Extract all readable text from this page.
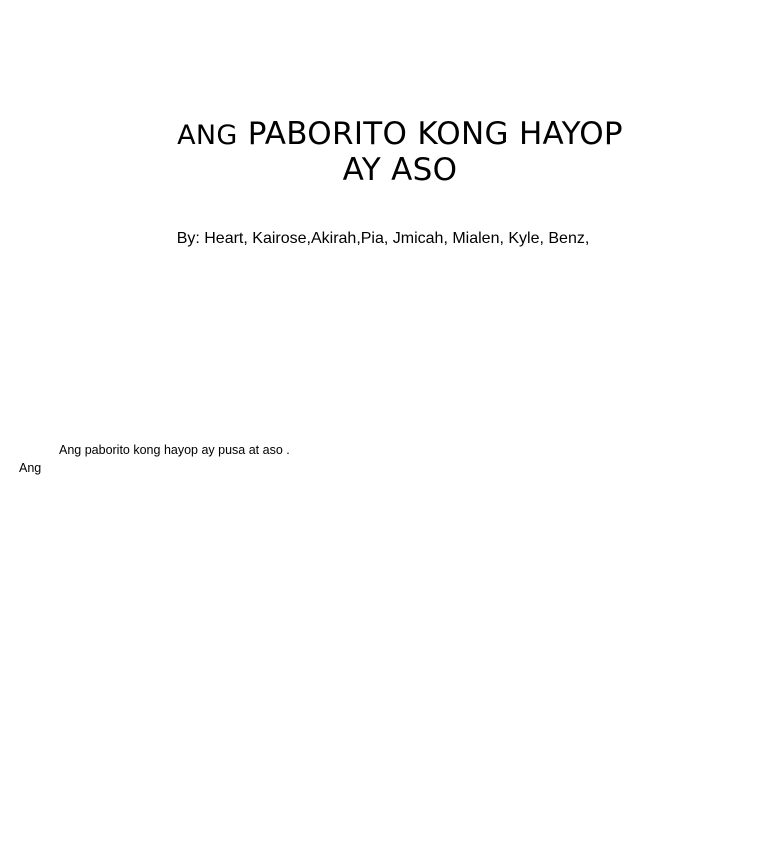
ANG PABORITO KONG HAYOP
AY ASO
By: Heart, Kairose,Akirah,Pia, Jmicah, Mialen, Kyle, Benz,
Ang paborito kong hayop ay pusa at aso .
Ang
